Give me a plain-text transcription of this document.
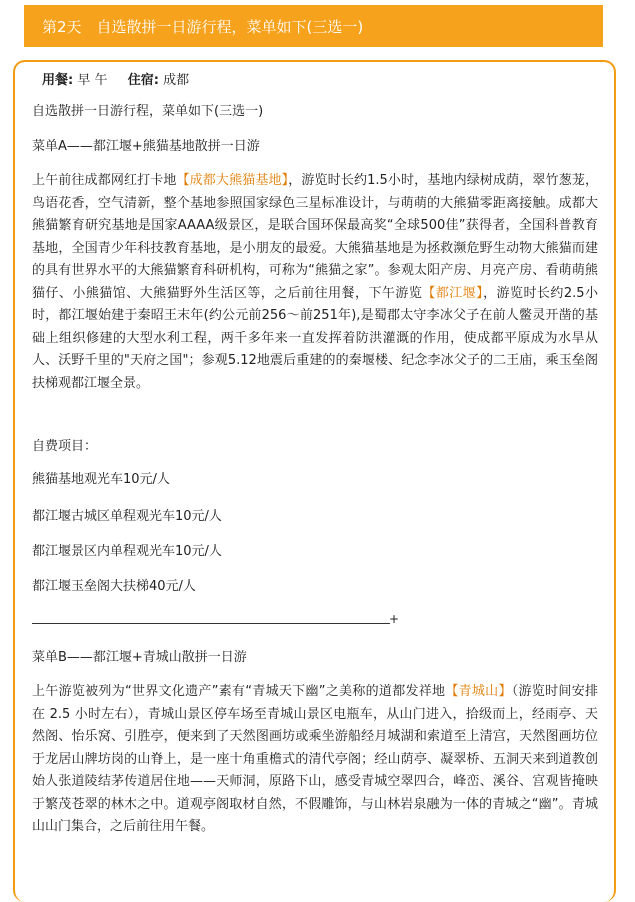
第2天　自选散拼一日游行程，菜单如下(三选一)
用餐: 早 午 住宿: 成都

自选散拼一日游行程，菜单如下(三选一)

菜单A——都江堰+熊猫基地散拼一日游

上午前往成都网红打卡地【成都大熊猫基地】，游览时长约1.5小时，基地内绿树成荫，翠竹葱茏，鸟语花香，空气清新，整个基地参照国家绿色三星标准设计，与萌萌的大熊猫零距离接触。成都大熊猫繁育研究基地是国家AAAA级景区，是联合国环保最高奖“全球500佳”获得者，全国科普教育基地，全国青少年科技教育基地，是小朋友的最爱。大熊猫基地是为拯救濒危野生动物大熊猫而建的具有世界水平的大熊猫繁育科研机构，可称为“熊猫之家”。参观太阳产房、月亮产房、看萌萌熊猫仔、小熊猫馆、大熊猫野外生活区等，之后前往用餐，下午游览【都江堰】，游览时长约2.5小时，都江堰始建于秦昭王末年(约公元前256～前251年),是蜀郡太守李冰父子在前人鳖灵开凿的基础上组织修建的大型水利工程，两千多年来一直发挥着防洪灌溉的作用，使成都平原成为水旱从人、沃野千里的"天府之国"；参观5.12地震后重建的的秦堰楼、纪念李冰父子的二王庙，乘玉垒阁扶梯观都江堰全景。

自费项目：

熊猫基地观光车10元/人

都江堰古城区单程观光车10元/人

都江堰景区内单程观光车10元/人

都江堰玉垒阁大扶梯40元/人

+

菜单B——都江堰+青城山散拼一日游

上午游览被列为“世界文化遗产”素有“青城天下幽”之美称的道都发祥地【青城山】（游览时间安排在 2.5 小时左右），青城山景区停车场至青城山景区电瓶车，从山门进入，拾级而上，经雨亭、天然阁、怡乐窝、引胜亭，便来到了天然图画坊或乘坐游船经月城湖和索道至上清宫，天然图画坊位于龙居山牌坊岗的山脊上，是一座十角重檐式的清代亭阁；经山荫亭、凝翠桥、五洞天来到道教创始人张道陵结茅传道居住地——天师洞，原路下山，感受青城空翠四合，峰峦、溪谷、宫观皆掩映于繁茂苍翠的林木之中。道观亭阁取材自然，不假雕饰，与山林岩泉融为一体的青城之“幽”。青城山山门集合，之后前往用午餐。
